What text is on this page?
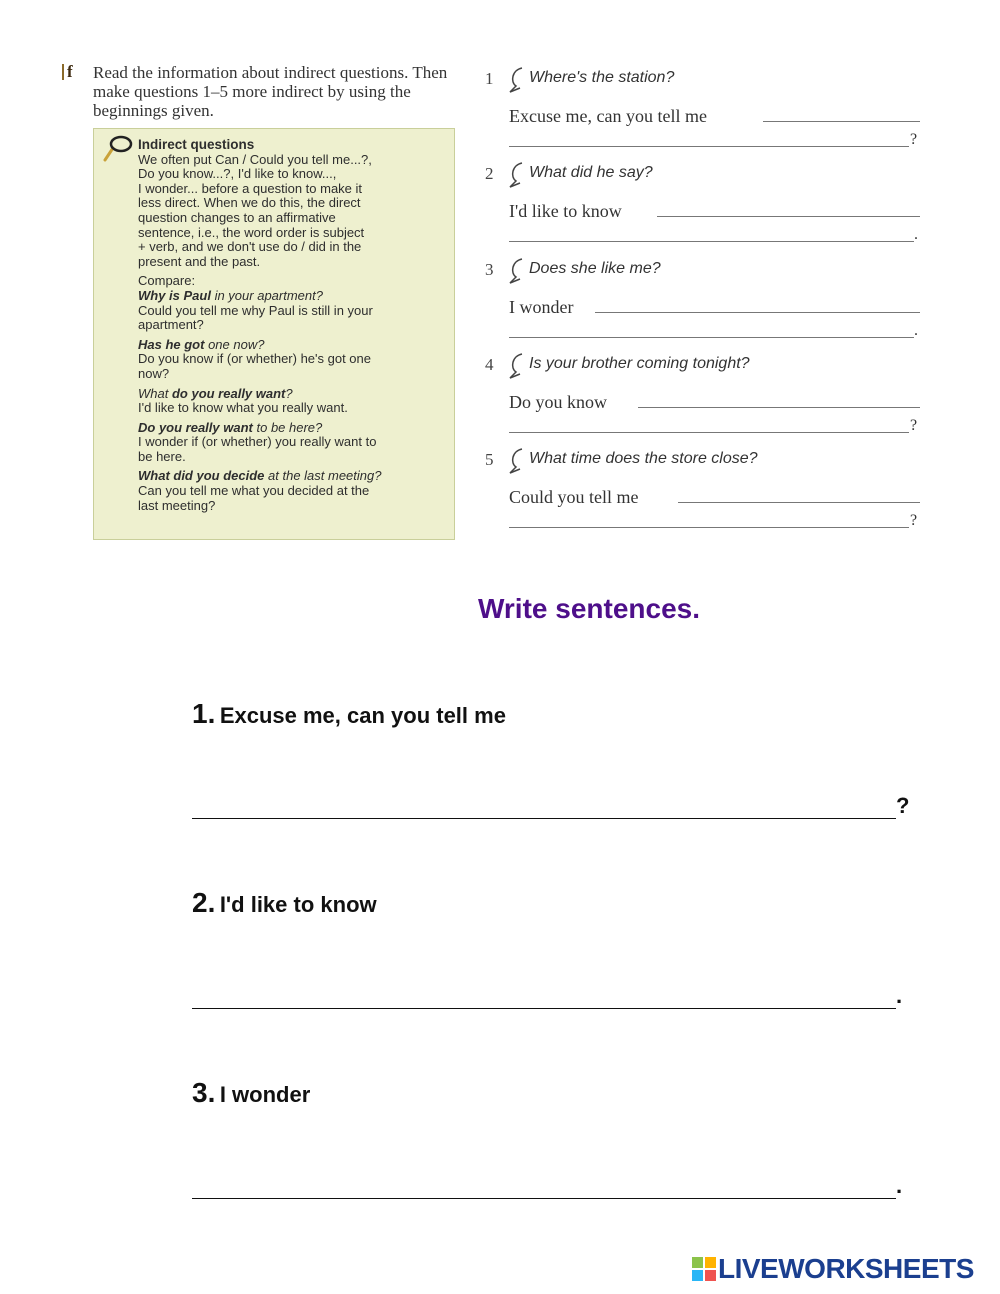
f Read the information about indirect questions. Then make questions 1–5 more indirect by using the beginnings given.

Indirect questions

We often put Can / Could you tell me...?,

Do you know...?, I'd like to know...,

I wonder... before a question to make it

less direct. When we do this, the direct

question changes to an affirmative

sentence, i.e., the word order is subject

+ verb, and we don't use do / did in the

present and the past.

Compare:

Why is Paul in your apartment?

Could you tell me why Paul is still in your

apartment?

Has he got one now?

Do you know if (or whether) he's got one

now?

What do you really want?

I'd like to know what you really want.

Do you really want to be here?

I wonder if (or whether) you really want to

be here.

What did you decide at the last meeting?

Can you tell me what you decided at the

last meeting?

1 Where's the station?
Excuse me, can you tell me
?
2 What did he say?
I'd like to know
.
3 Does she like me?
I wonder
.
4 Is your brother coming tonight?
Do you know
?
5 What time does the store close?
Could you tell me
?
Write sentences.
1. Excuse me, can you tell me
?
2. I'd like to know
.
3. I wonder
.
LIVEWORKSHEETS
